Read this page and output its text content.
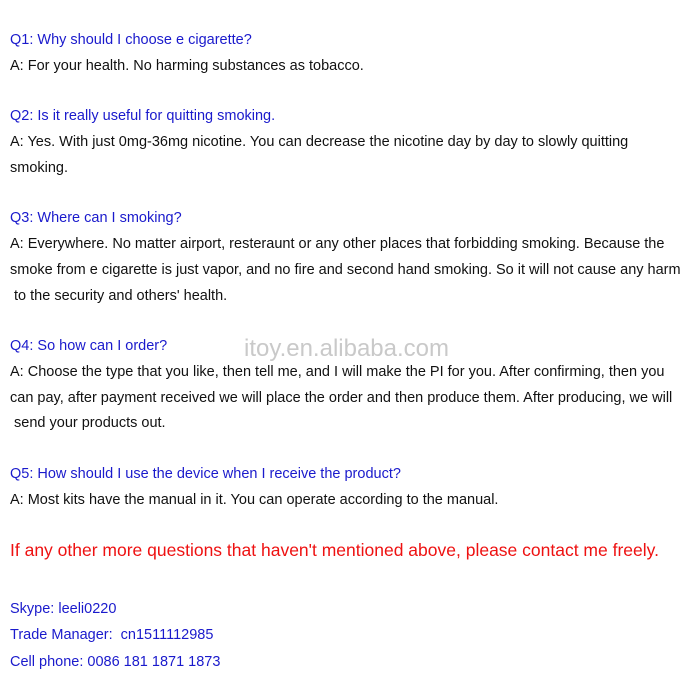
Q1: Why should I choose e cigarette?

A: For your health. No harming substances as tobacco.

Q2: Is it really useful for quitting smoking.

A: Yes. With just 0mg-36mg nicotine. You can decrease the nicotine day by day to slowly quitting

smoking.

Q3: Where can I smoking?

A: Everywhere. No matter airport, resteraunt or any other places that forbidding smoking. Because the

smoke from e cigarette is just vapor, and no fire and second hand smoking. So it will not cause any harm

to the security and others' health.

Q4: So how can I order?

A: Choose the type that you like, then tell me, and I will make the PI for you. After confirming, then you

can pay, after payment received we will place the order and then produce them. After producing, we will

send your products out.

Q5: How should I use the device when I receive the product?

A: Most kits have the manual in it. You can operate according to the manual.

If any other more questions that haven't mentioned above, please contact me freely.

Skype: leeli0220

Trade Manager:  cn1511112985

Cell phone: 0086 181 1871 1873

itoy.en.alibaba.com
